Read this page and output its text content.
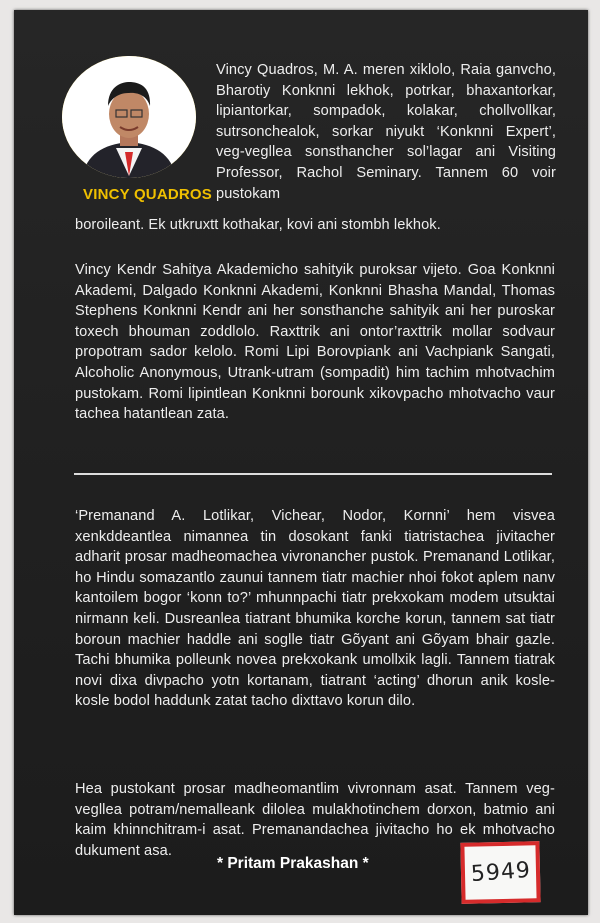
VINCY QUADROS

Vincy Quadros, M. A. meren xiklolo, Raia ganvcho, Bharotiy Konknni lekhok, potrkar, bhaxantorkar, lipiantorkar, sompadok, kolakar, chollvollkar, sutrsonchealok, sorkar niyukt ‘Konknni Expert’, veg-vegllea sonsthancher sol’lagar ani Visiting Professor, Rachol Seminary. Tannem 60 voir pustokam

boroileant. Ek utkruxtt kothakar, kovi ani stombh lekhok.

Vincy Kendr Sahitya Akademicho sahityik puroksar vijeto. Goa Konknni Akademi, Dalgado Konknni Akademi, Konknni Bhasha Mandal, Thomas Stephens Konknni Kendr ani her sonsthanche sahityik ani her puroskar toxech bhouman zoddlolo. Raxttrik ani ontor’raxttrik mollar sodvaur propotram sador kelolo. Romi Lipi Borovpiank ani Vachpiank Sangati, Alcoholic Anonymous, Utrank-utram (sompadit) him tachim mhotvachim pustokam. Romi lipintlean Konknni borounk xikovpacho mhotvacho vaur tachea hatantlean zata.

‘Premanand A. Lotlikar, Vichear, Nodor, Kornni’ hem visvea xenkddeantlea nimannea tin dosokant fanki tiatristachea jivitacher adharit prosar madheomachea vivronancher pustok. Premanand Lotlikar, ho Hindu somazantlo zaunui tannem tiatr machier nhoi fokot aplem nanv kantoilem bogor ‘konn to?’ mhunnpachi tiatr prekxokam modem utsuktai nirmann keli. Dusreanlea tiatrant bhumika korche korun, tannem sat tiatr boroun machier haddle ani soglle tiatr Gõyant ani Gõyam bhair gazle. Tachi bhumika polleunk novea prekxokank umollxik lagli. Tannem tiatrak novi dixa divpacho yotn kortanam, tiatrant ‘acting’ dhorun anik kosle-kosle bodol haddunk zatat tacho dixttavo korun dilo.

Hea pustokant prosar madheomantlim vivronnam asat. Tannem veg-vegllea potram/nemalleank dilolea mulakhotinchem dorxon, batmio ani kaim khinnchitram-i asat. Premanandachea jivitacho ho ek mhotvacho dukument asa.

* Pritam Prakashan *	5949
